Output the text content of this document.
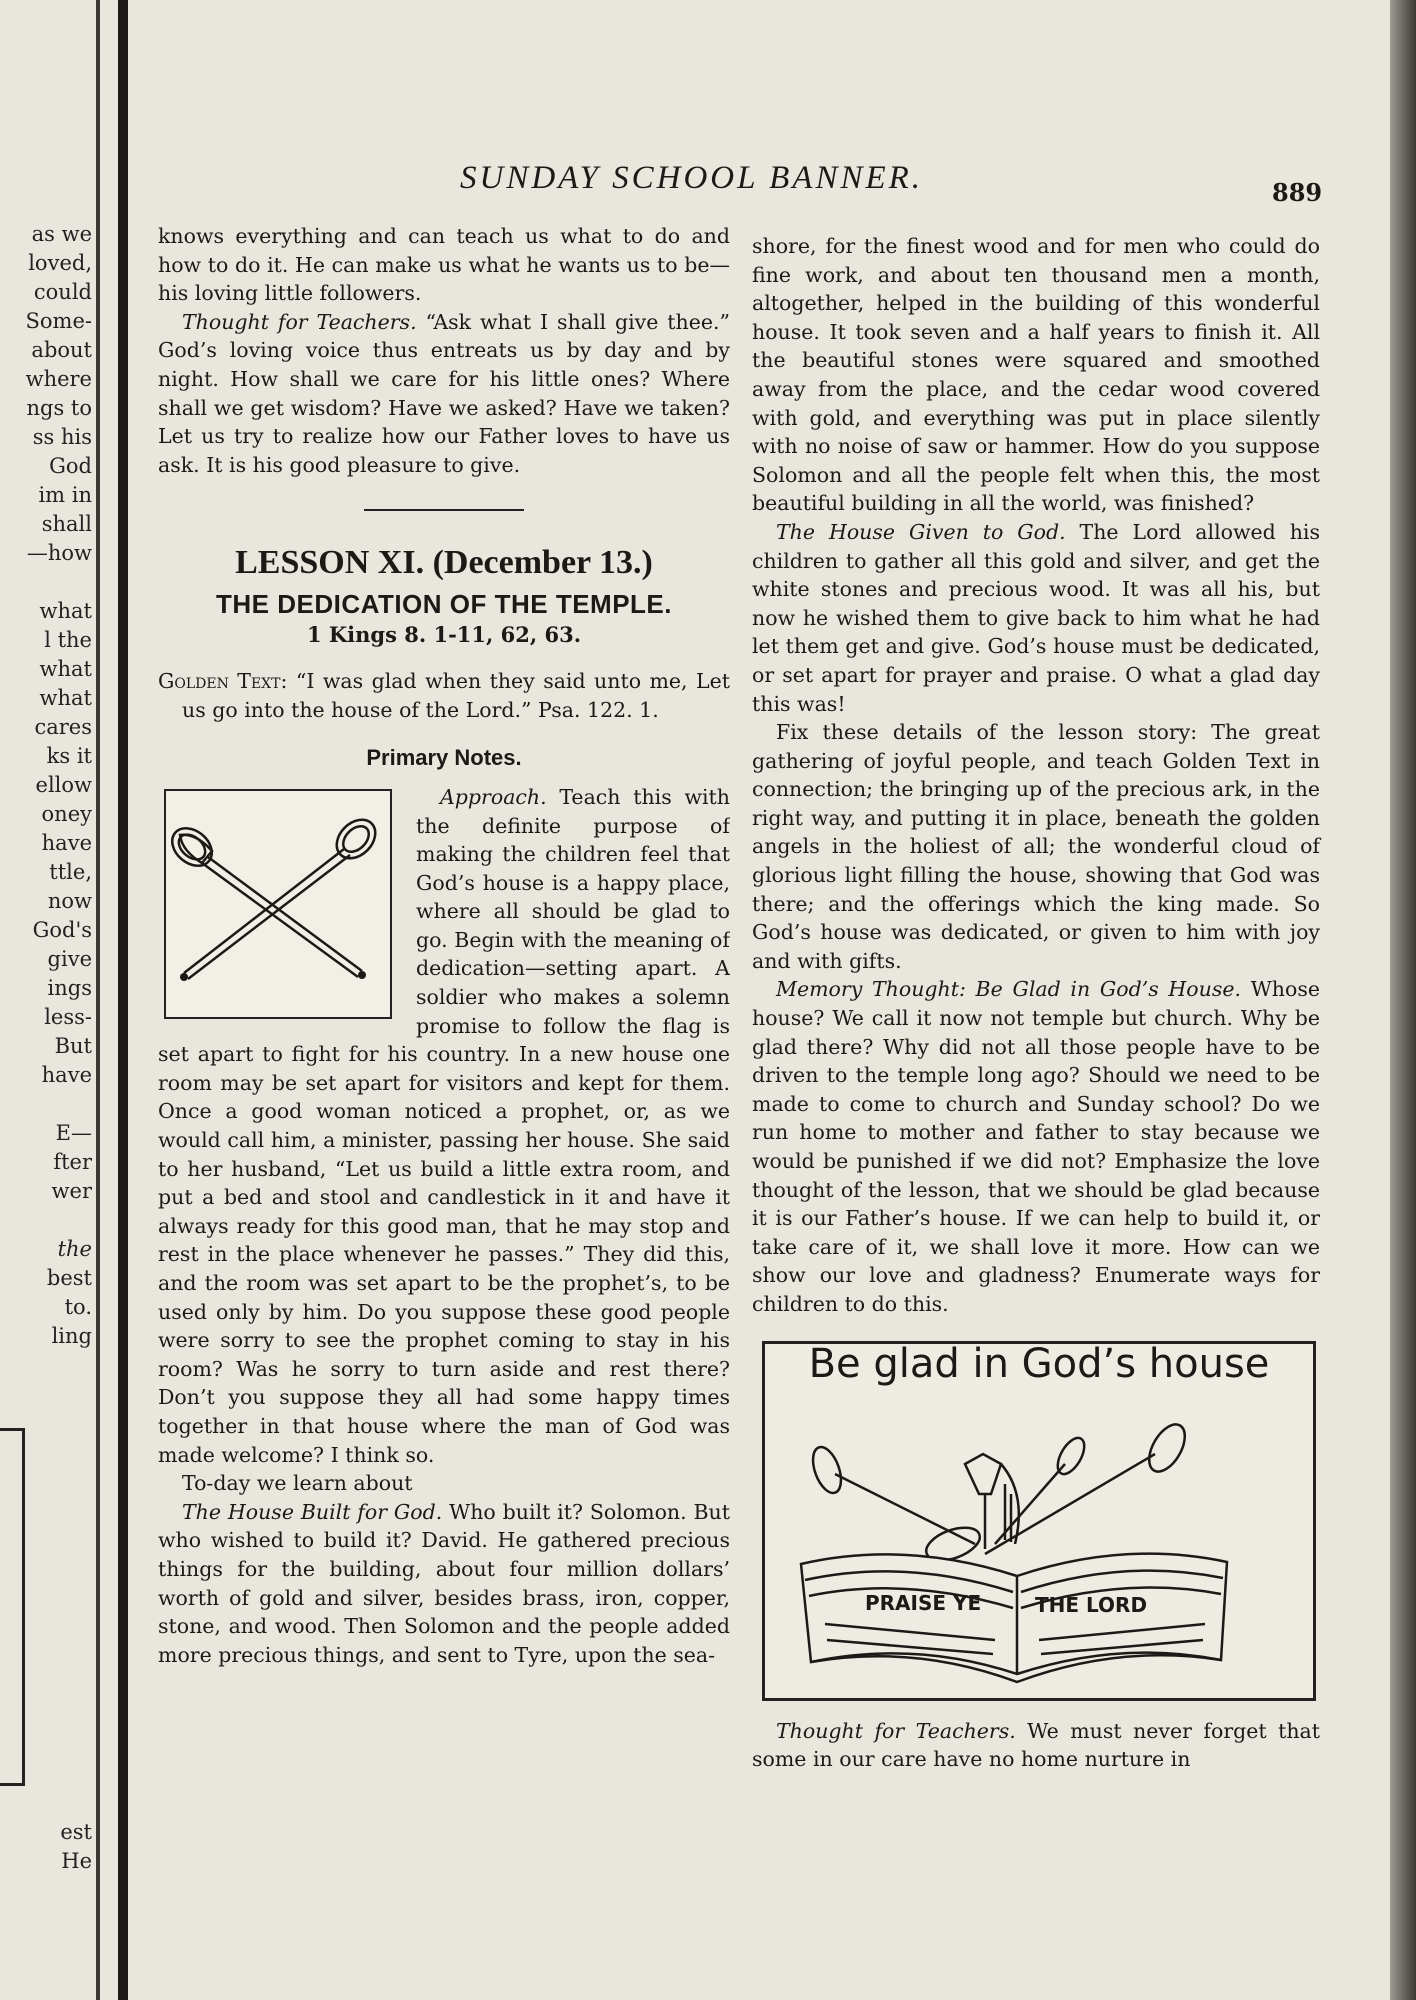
as we
loved,
could
Some-
about
where
ngs to
ss his
God
im in
shall
—how
what
l the
what
what
cares
ks it
ellow
oney
have
ttle,
now
God's
give
ings
less-
But
have
E—
fter
wer
the
best
to.
ling
est
He
SUNDAY SCHOOL BANNER.	889

knows everything and can teach us what to do and how to do it. He can make us what he wants us to be—his loving little followers.

Thought for Teachers. “Ask what I shall give thee.” God’s loving voice thus entreats us by day and by night. How shall we care for his little ones? Where shall we get wisdom? Have we asked? Have we taken? Let us try to realize how our Father loves to have us ask. It is his good pleasure to give.

LESSON XI. (December 13.)
THE DEDICATION OF THE TEMPLE.
1 Kings 8. 1-11, 62, 63.

Golden Text: “I was glad when they said unto me, Let us go into the house of the Lord.” Psa. 122. 1.

Primary Notes.

Approach. Teach this with the definite purpose of making the children feel that God’s house is a happy place, where all should be glad to go. Begin with the meaning of dedication—setting apart. A soldier who makes a solemn promise to follow the flag is set apart to fight for his country. In a new house one room may be set apart for visitors and kept for them. Once a good woman noticed a prophet, or, as we would call him, a minister, passing her house. She said to her husband, “Let us build a little extra room, and put a bed and stool and candlestick in it and have it always ready for this good man, that he may stop and rest in the place whenever he passes.” They did this, and the room was set apart to be the prophet’s, to be used only by him. Do you suppose these good people were sorry to see the prophet coming to stay in his room? Was he sorry to turn aside and rest there? Don’t you suppose they all had some happy times together in that house where the man of God was made welcome? I think so.

To-day we learn about

The House Built for God. Who built it? Solomon. But who wished to build it? David. He gathered precious things for the building, about four million dollars’ worth of gold and silver, besides brass, iron, copper, stone, and wood. Then Solomon and the people added more precious things, and sent to Tyre, upon the sea-

shore, for the finest wood and for men who could do fine work, and about ten thousand men a month, altogether, helped in the building of this wonderful house. It took seven and a half years to finish it. All the beautiful stones were squared and smoothed away from the place, and the cedar wood covered with gold, and everything was put in place silently with no noise of saw or hammer. How do you suppose Solomon and all the people felt when this, the most beautiful building in all the world, was finished?

The House Given to God. The Lord allowed his children to gather all this gold and silver, and get the white stones and precious wood. It was all his, but now he wished them to give back to him what he had let them get and give. God’s house must be dedicated, or set apart for prayer and praise. O what a glad day this was!

Fix these details of the lesson story: The great gathering of joyful people, and teach Golden Text in connection; the bringing up of the precious ark, in the right way, and putting it in place, beneath the golden angels in the holiest of all; the wonderful cloud of glorious light filling the house, showing that God was there; and the offerings which the king made. So God’s house was dedicated, or given to him with joy and with gifts.

Memory Thought: Be Glad in God’s House. Whose house? We call it now not temple but church. Why be glad there? Why did not all those people have to be driven to the temple long ago? Should we need to be made to come to church and Sunday school? Do we run home to mother and father to stay because we would be punished if we did not? Emphasize the love thought of the lesson, that we should be glad because it is our Father’s house. If we can help to build it, or take care of it, we shall love it more. How can we show our love and gladness? Enumerate ways for children to do this.

PRAISE YE	THE LORD
Be glad in God’s house

Thought for Teachers. We must never forget that some in our care have no home nurture in
